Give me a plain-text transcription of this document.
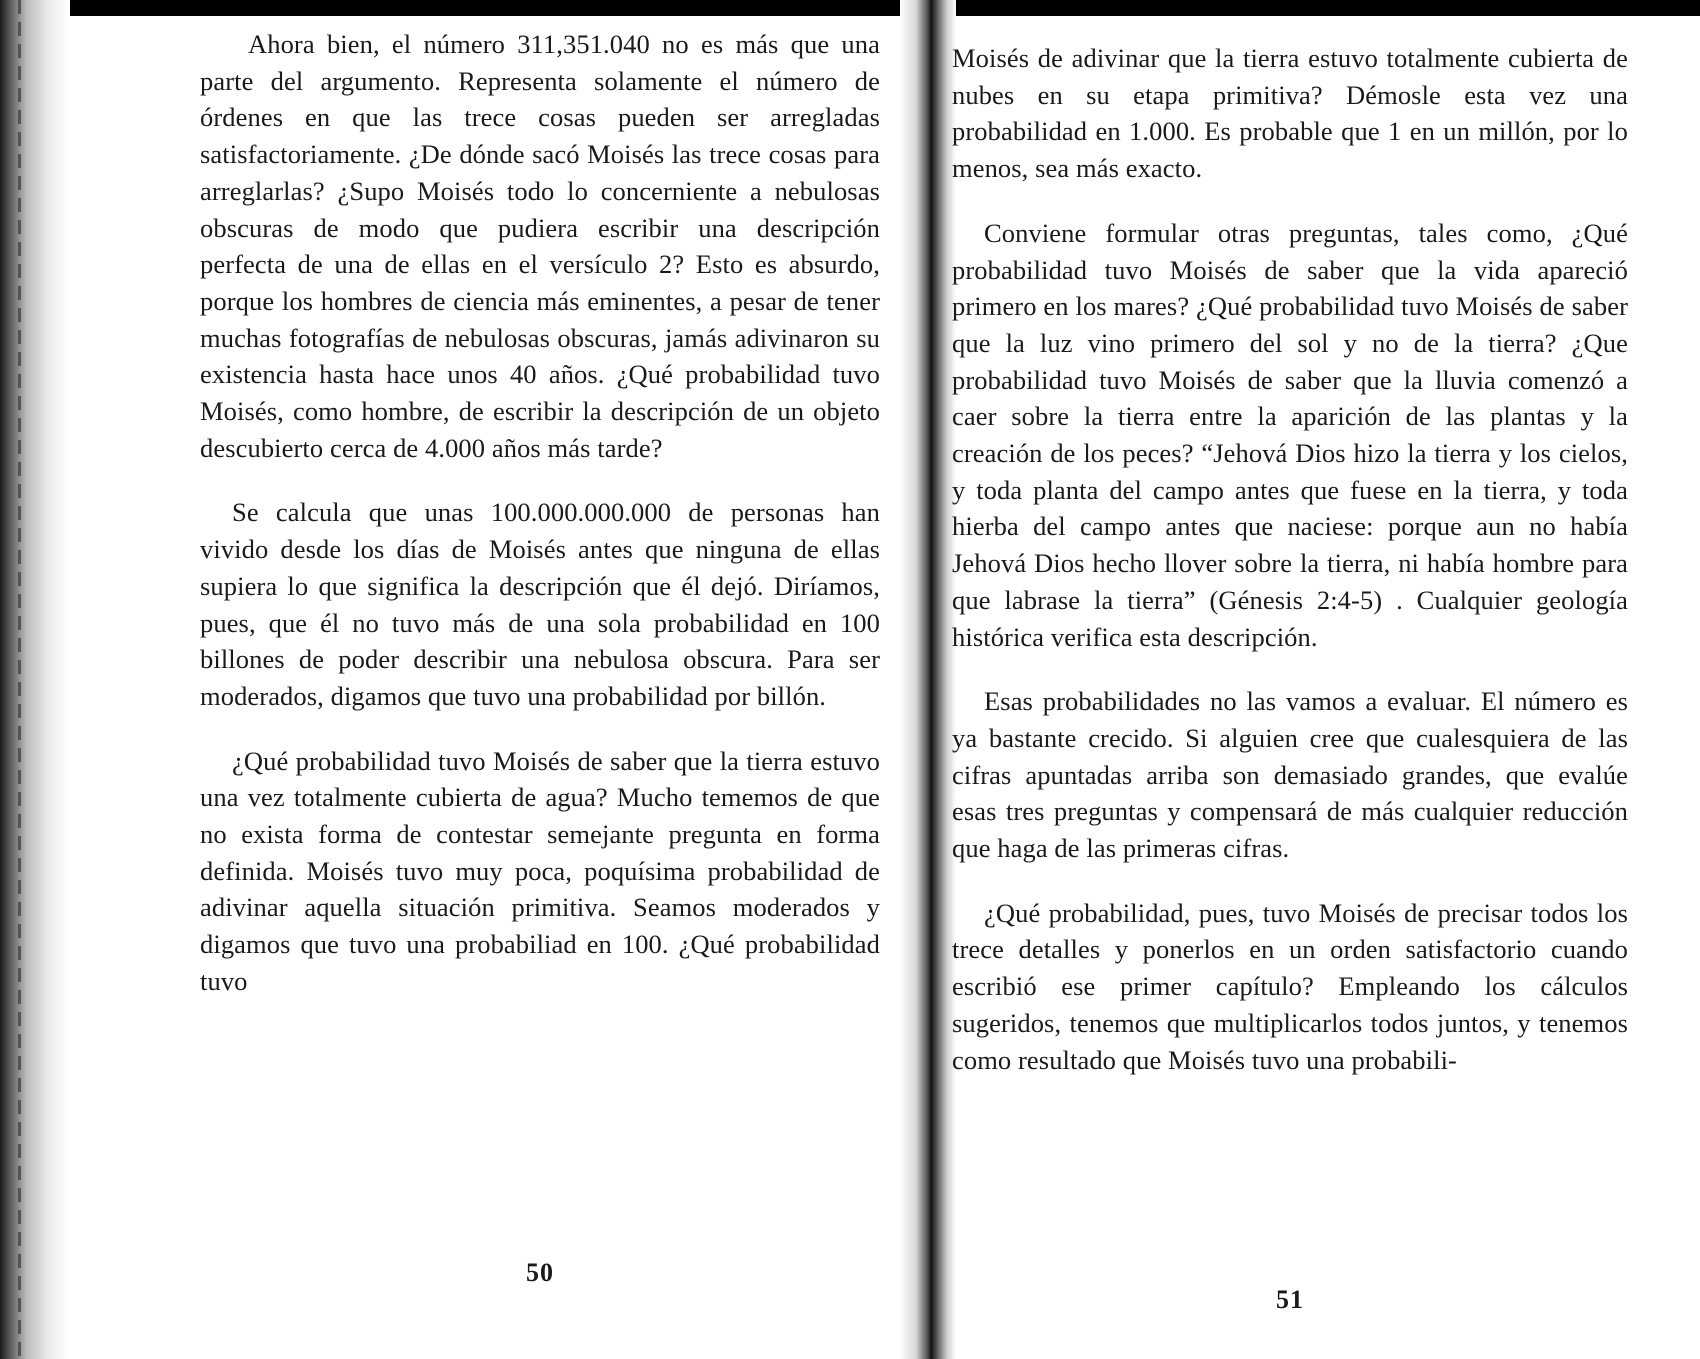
Ahora bien, el número 311,351.040 no es más que una parte del argumento. Representa solamente el número de órdenes en que las trece cosas pueden ser arregladas satisfactoriamente. ¿De dónde sacó Moisés las trece cosas para arreglarlas? ¿Supo Moisés todo lo concerniente a nebulosas obscuras de modo que pudiera escribir una descripción perfecta de una de ellas en el versículo 2? Esto es absurdo, porque los hombres de ciencia más eminentes, a pesar de tener muchas fotografías de nebulosas obscuras, jamás adivinaron su existencia hasta hace unos 40 años. ¿Qué probabilidad tuvo Moisés, como hombre, de escribir la descripción de un objeto descubierto cerca de 4.000 años más tarde?

Se calcula que unas 100.000.000.000 de personas han vivido desde los días de Moisés antes que ninguna de ellas supiera lo que significa la descripción que él dejó. Diríamos, pues, que él no tuvo más de una sola probabilidad en 100 billones de poder describir una nebulosa obscura. Para ser moderados, digamos que tuvo una probabilidad por billón.

¿Qué probabilidad tuvo Moisés de saber que la tierra estuvo una vez totalmente cubierta de agua? Mucho tememos de que no exista forma de contestar semejante pregunta en forma definida. Moisés tuvo muy poca, poquísima probabilidad de adivinar aquella situación primitiva. Seamos moderados y digamos que tuvo una probabiliad en 100. ¿Qué probabilidad tuvo

50

Moisés de adivinar que la tierra estuvo totalmente cubierta de nubes en su etapa primitiva? Démosle esta vez una probabilidad en 1.000. Es probable que 1 en un millón, por lo menos, sea más exacto.

Conviene formular otras preguntas, tales como, ¿Qué probabilidad tuvo Moisés de saber que la vida apareció primero en los mares? ¿Qué probabilidad tuvo Moisés de saber que la luz vino primero del sol y no de la tierra? ¿Que probabilidad tuvo Moisés de saber que la lluvia comenzó a caer sobre la tierra entre la aparición de las plantas y la creación de los peces? “Jehová Dios hizo la tierra y los cielos, y toda planta del campo antes que fuese en la tierra, y toda hierba del campo antes que naciese: porque aun no había Jehová Dios hecho llover sobre la tierra, ni había hombre para que labrase la tierra” (Génesis 2:4-5) . Cualquier geología histórica verifica esta descripción.

Esas probabilidades no las vamos a evaluar. El número es ya bastante crecido. Si alguien cree que cualesquiera de las cifras apuntadas arriba son demasiado grandes, que evalúe esas tres preguntas y compensará de más cualquier reducción que haga de las primeras cifras.

¿Qué probabilidad, pues, tuvo Moisés de precisar todos los trece detalles y ponerlos en un orden satisfactorio cuando escribió ese primer capítulo? Empleando los cálculos sugeridos, tenemos que multiplicarlos todos juntos, y tenemos como resultado que Moisés tuvo una probabili-

51
